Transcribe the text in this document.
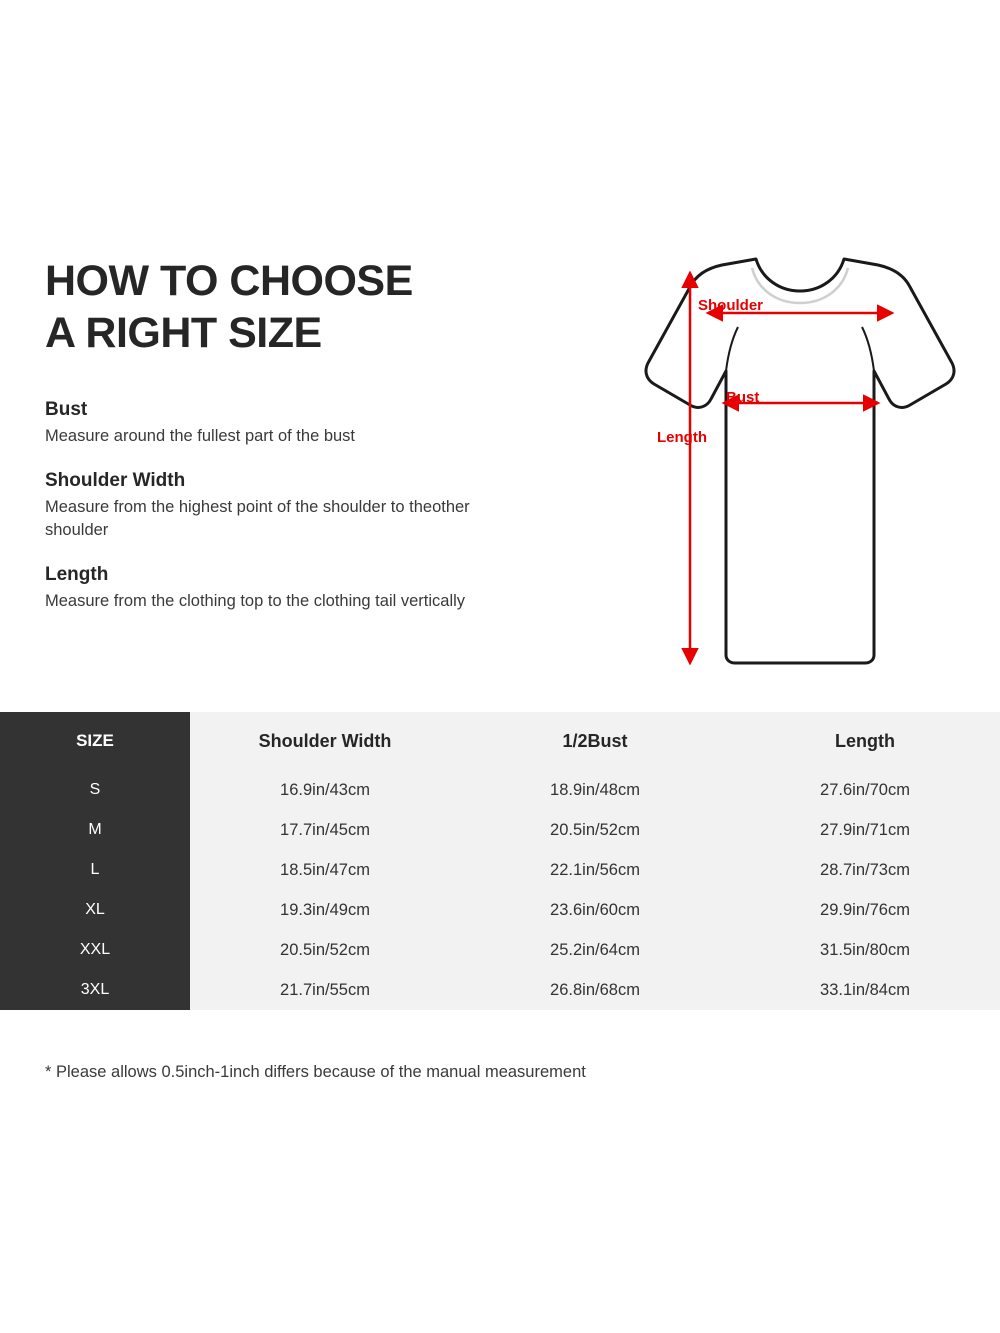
HOW TO CHOOSE
A RIGHT SIZE

Bust

Measure around the fullest part of the bust

Shoulder Width

Measure from the highest point of the shoulder to theother shoulder

Length

Measure from the clothing top to the clothing tail vertically

Shoulder
Bust
Length
SIZE	Shoulder Width	1/2Bust	Length
S	16.9in/43cm	18.9in/48cm	27.6in/70cm
M	17.7in/45cm	20.5in/52cm	27.9in/71cm
L	18.5in/47cm	22.1in/56cm	28.7in/73cm
XL	19.3in/49cm	23.6in/60cm	29.9in/76cm
XXL	20.5in/52cm	25.2in/64cm	31.5in/80cm
3XL	21.7in/55cm	26.8in/68cm	33.1in/84cm
* Please allows 0.5inch-1inch differs because of the manual measurement
